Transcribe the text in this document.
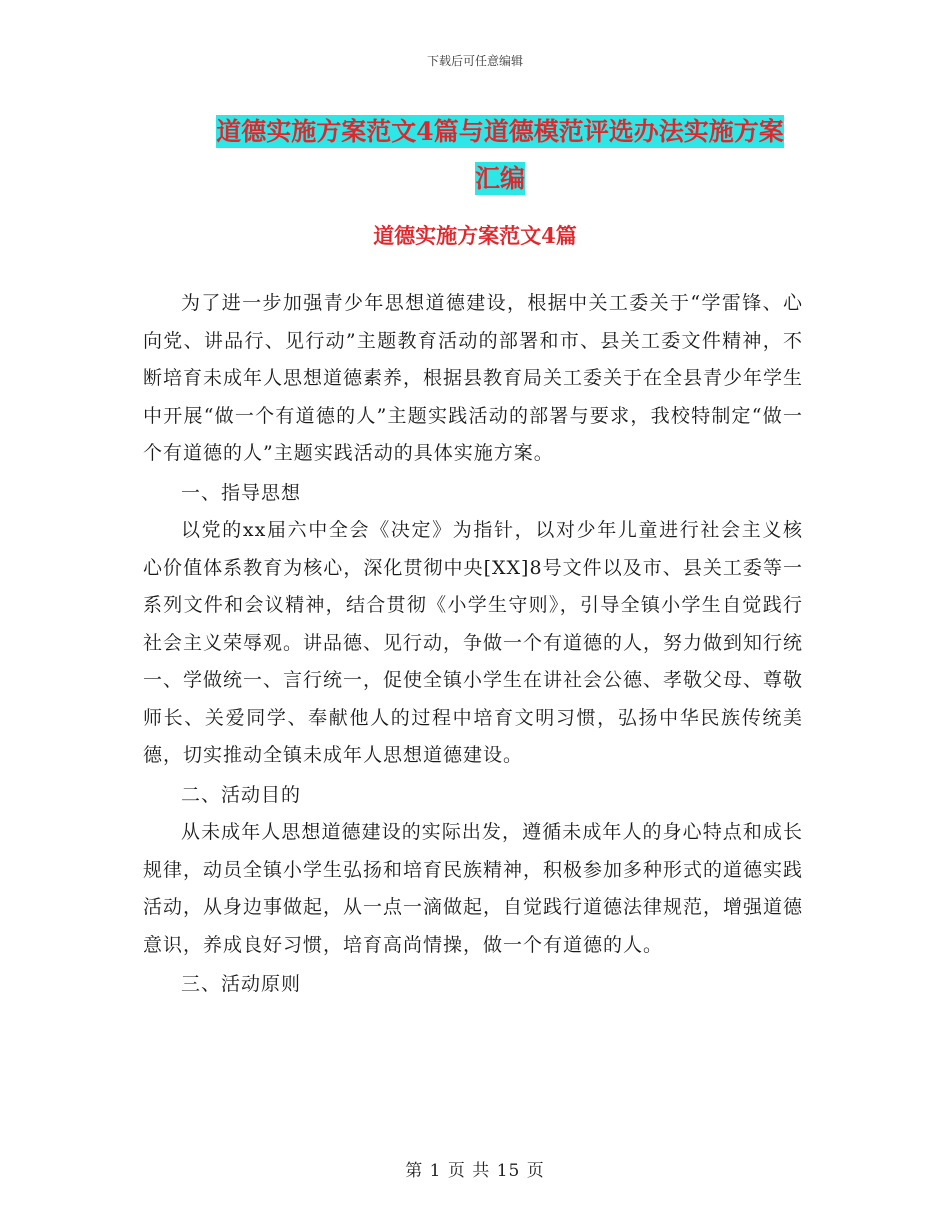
下载后可任意编辑
道德实施方案范文4篇与道德模范评选办法实施方案
汇编
道德实施方案范文4篇

为了进一步加强青少年思想道德建设，根据中关工委关于“学雷锋、心向党、讲品行、见行动”主题教育活动的部署和市、县关工委文件精神，不断培育未成年人思想道德素养，根据县教育局关工委关于在全县青少年学生中开展“做一个有道德的人”主题实践活动的部署与要求，我校特制定“做一个有道德的人”主题实践活动的具体实施方案。

一、指导思想

以党的xx届六中全会《决定》为指针，以对少年儿童进行社会主义核心价值体系教育为核心，深化贯彻中央[XX]8号文件以及市、县关工委等一系列文件和会议精神，结合贯彻《小学生守则》，引导全镇小学生自觉践行社会主义荣辱观。讲品德、见行动，争做一个有道德的人，努力做到知行统一、学做统一、言行统一，促使全镇小学生在讲社会公德、孝敬父母、尊敬师长、关爱同学、奉献他人的过程中培育文明习惯，弘扬中华民族传统美德，切实推动全镇未成年人思想道德建设。

二、活动目的

从未成年人思想道德建设的实际出发，遵循未成年人的身心特点和成长规律，动员全镇小学生弘扬和培育民族精神，积极参加多种形式的道德实践活动，从身边事做起，从一点一滴做起，自觉践行道德法律规范，增强道德意识，养成良好习惯，培育高尚情操，做一个有道德的人。

三、活动原则

第 1 页 共 15 页
